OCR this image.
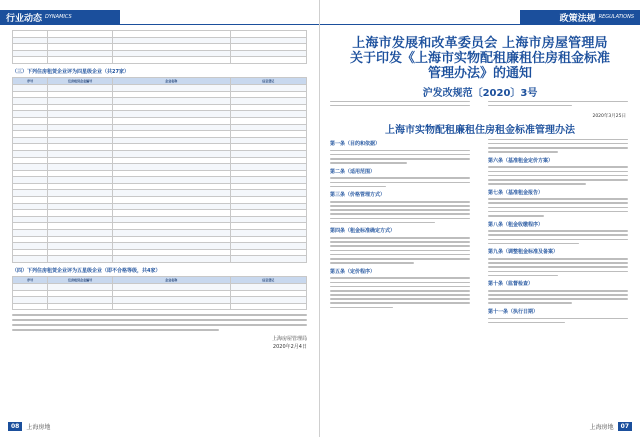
行业动态 DYNAMICS

（三）下列住房租赁企业评为四星级企业（共27家）
序号	住房租赁企业编号	企业名称	信息登记

（四）下列住房租赁企业评为五星级企业（即不合格等级，共4家）
序号	住房租赁企业编号	企业名称	信息登记

上海房屋管理局
2020年2月4日
08	上海房地
政策法规 REGULATIONS
上海市发展和改革委员会 上海市房屋管理局
关于印发《上海市实物配租廉租住房租金标准
管理办法》的通知
沪发改规范〔2020〕3号
2020年3月25日
上海市实物配租廉租住房租金标准管理办法
第一条（目的和依据）
第二条（适用范围）
第三条（价格管理方式）
第四条（租金标准确定方式）
第五条（定价程序）
第六条（基准租金定价方案）
第七条（基准租金报告）
第八条（租金收缴程序）
第九条（调整租金标准及备案）
第十条（监督检查）
第十一条（执行日期）
上海房地	07
